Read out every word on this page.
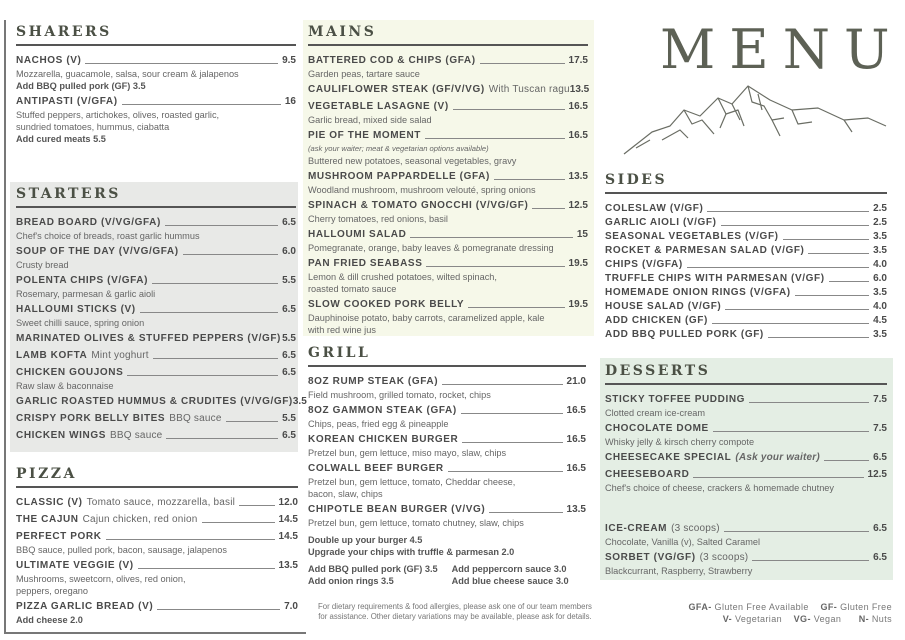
SHARERS
NACHOS (V)	9.5
Mozzarella, guacamole, salsa, sour cream & jalapenos
Add BBQ pulled pork (GF) 3.5
ANTIPASTI (V/GFA)	16
Stuffed peppers, artichokes, olives, roasted garlic,
sundried tomatoes, hummus, ciabatta
Add cured meats 5.5
STARTERS
BREAD BOARD (V/VG/GFA)	6.5
Chef's choice of breads, roast garlic hummus
SOUP OF THE DAY (V/VG/GFA)	6.0
Crusty bread
POLENTA CHIPS (V/GFA)	5.5
Rosemary, parmesan & garlic aioli
HALLOUMI STICKS (V)	6.5
Sweet chilli sauce, spring onion
MARINATED OLIVES & STUFFED PEPPERS (V/GF) 5.5
LAMB KOFTA Mint yoghurt	6.5
CHICKEN GOUJONS	6.5
Raw slaw & baconnaise
GARLIC ROASTED HUMMUS & CRUDITES (V/VG/GF) 3.5
CRISPY PORK BELLY BITES BBQ sauce	5.5
CHICKEN WINGS BBQ sauce	6.5
PIZZA
CLASSIC (V) Tomato sauce, mozzarella, basil	12.0
THE CAJUN Cajun chicken, red onion	14.5
PERFECT PORK	14.5
BBQ sauce, pulled pork, bacon, sausage, jalapenos
ULTIMATE VEGGIE (V)	13.5
Mushrooms, sweetcorn, olives, red onion,
peppers, oregano
PIZZA GARLIC BREAD (V)	7.0
Add cheese 2.0
MAINS
BATTERED COD & CHIPS (GFA)	17.5
Garden peas, tartare sauce
CAULIFLOWER STEAK (GF/V/VG) With Tuscan ragu 13.5
VEGETABLE LASAGNE (V)	16.5
Garlic bread, mixed side salad
PIE OF THE MOMENT	16.5
(ask your waiter; meat & vegetarian options available)
Buttered new potatoes, seasonal vegetables, gravy
MUSHROOM PAPPARDELLE (GFA)	13.5
Woodland mushroom, mushroom velouté, spring onions
SPINACH & TOMATO GNOCCHI (V/VG/GF)	12.5
Cherry tomatoes, red onions, basil
HALLOUMI SALAD	15
Pomegranate, orange, baby leaves & pomegranate dressing
PAN FRIED SEABASS	19.5
Lemon & dill crushed potatoes, wilted spinach,
roasted tomato sauce
SLOW COOKED PORK BELLY	19.5
Dauphinoise potato, baby carrots, caramelized apple, kale
with red wine jus
GRILL
8OZ RUMP STEAK (GFA)	21.0
Field mushroom, grilled tomato, rocket, chips
8OZ GAMMON STEAK (GFA)	16.5
Chips, peas, fried egg & pineapple
KOREAN CHICKEN BURGER	16.5
Pretzel bun, gem lettuce, miso mayo, slaw, chips
COLWALL BEEF BURGER	16.5
Pretzel bun, gem lettuce, tomato, Cheddar cheese,
bacon, slaw, chips
CHIPOTLE BEAN BURGER (V/VG)	13.5
Pretzel bun, gem lettuce, tomato chutney, slaw, chips
Double up your burger 4.5
Upgrade your chips with truffle & parmesan 2.0
Add BBQ pulled pork (GF) 3.5
Add onion rings 3.5
Add peppercorn sauce 3.0
Add blue cheese sauce 3.0
MENU
SIDES
COLESLAW (V/GF)	2.5
GARLIC AIOLI (V/GF)	2.5
SEASONAL VEGETABLES (V/GF)	3.5
ROCKET & PARMESAN SALAD (V/GF)	3.5
CHIPS (V/GFA)	4.0
TRUFFLE CHIPS WITH PARMESAN (V/GF)	6.0
HOMEMADE ONION RINGS (V/GFA)	3.5
HOUSE SALAD (V/GF)	4.0
ADD CHICKEN (GF)	4.5
ADD BBQ PULLED PORK (GF)	3.5
DESSERTS
STICKY TOFFEE PUDDING	7.5
Clotted cream ice-cream
CHOCOLATE DOME	7.5
Whisky jelly & kirsch cherry compote
CHEESECAKE SPECIAL (Ask your waiter)	6.5
CHEESEBOARD	12.5
Chef's choice of cheese, crackers & homemade chutney
ICE-CREAM (3 scoops)	6.5
Chocolate, Vanilla (v), Salted Caramel
SORBET (VG/GF) (3 scoops)	6.5
Blackcurrant, Raspberry, Strawberry
For dietary requirements & food allergies, please ask one of our team members
for assistance. Other dietary variations may be available, please ask for details.
GFA- Gluten Free Available GF- Gluten Free
V- Vegetarian VG- Vegan N- Nuts
